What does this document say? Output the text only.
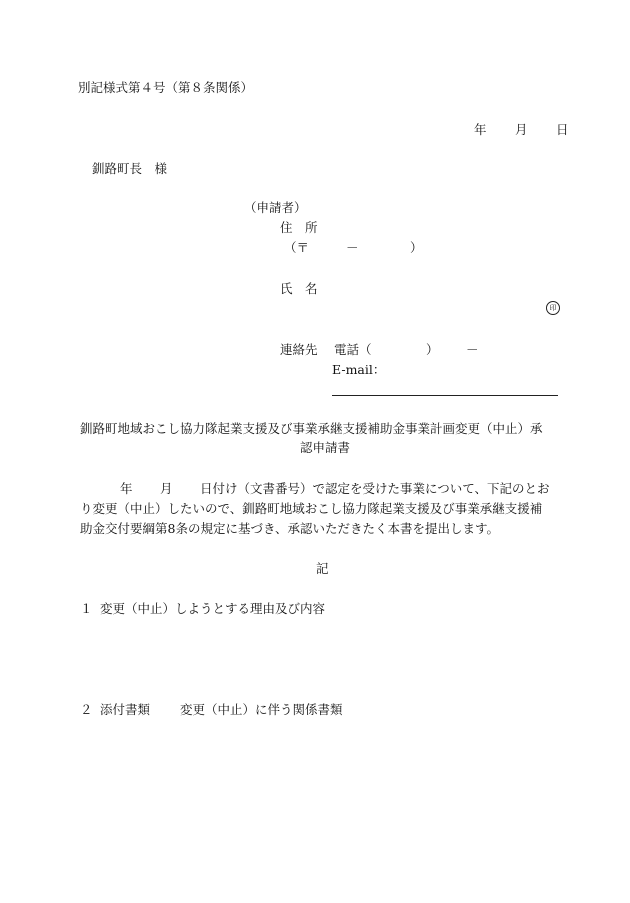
別記様式第４号（第８条関係）
年 月 日
釧路町長　様
（申請者）
住　所
（〒	－	）
氏　名
印
連絡先 電話（	） －
E-mail：
釧路町地域おこし協力隊起業支援及び事業承継支援補助金事業計画変更（中止）承
認申請書
年 月 日付け（文書番号）で認定を受けた事業について、下記のとお
り変更（中止）したいので、釧路町地域おこし協力隊起業支援及び事業承継支援補
助金交付要綱第8条の規定に基づき、承認いただきたく本書を提出します。
記
１ 変更（中止）しようとする理由及び内容
２ 添付書類 変更（中止）に伴う関係書類
